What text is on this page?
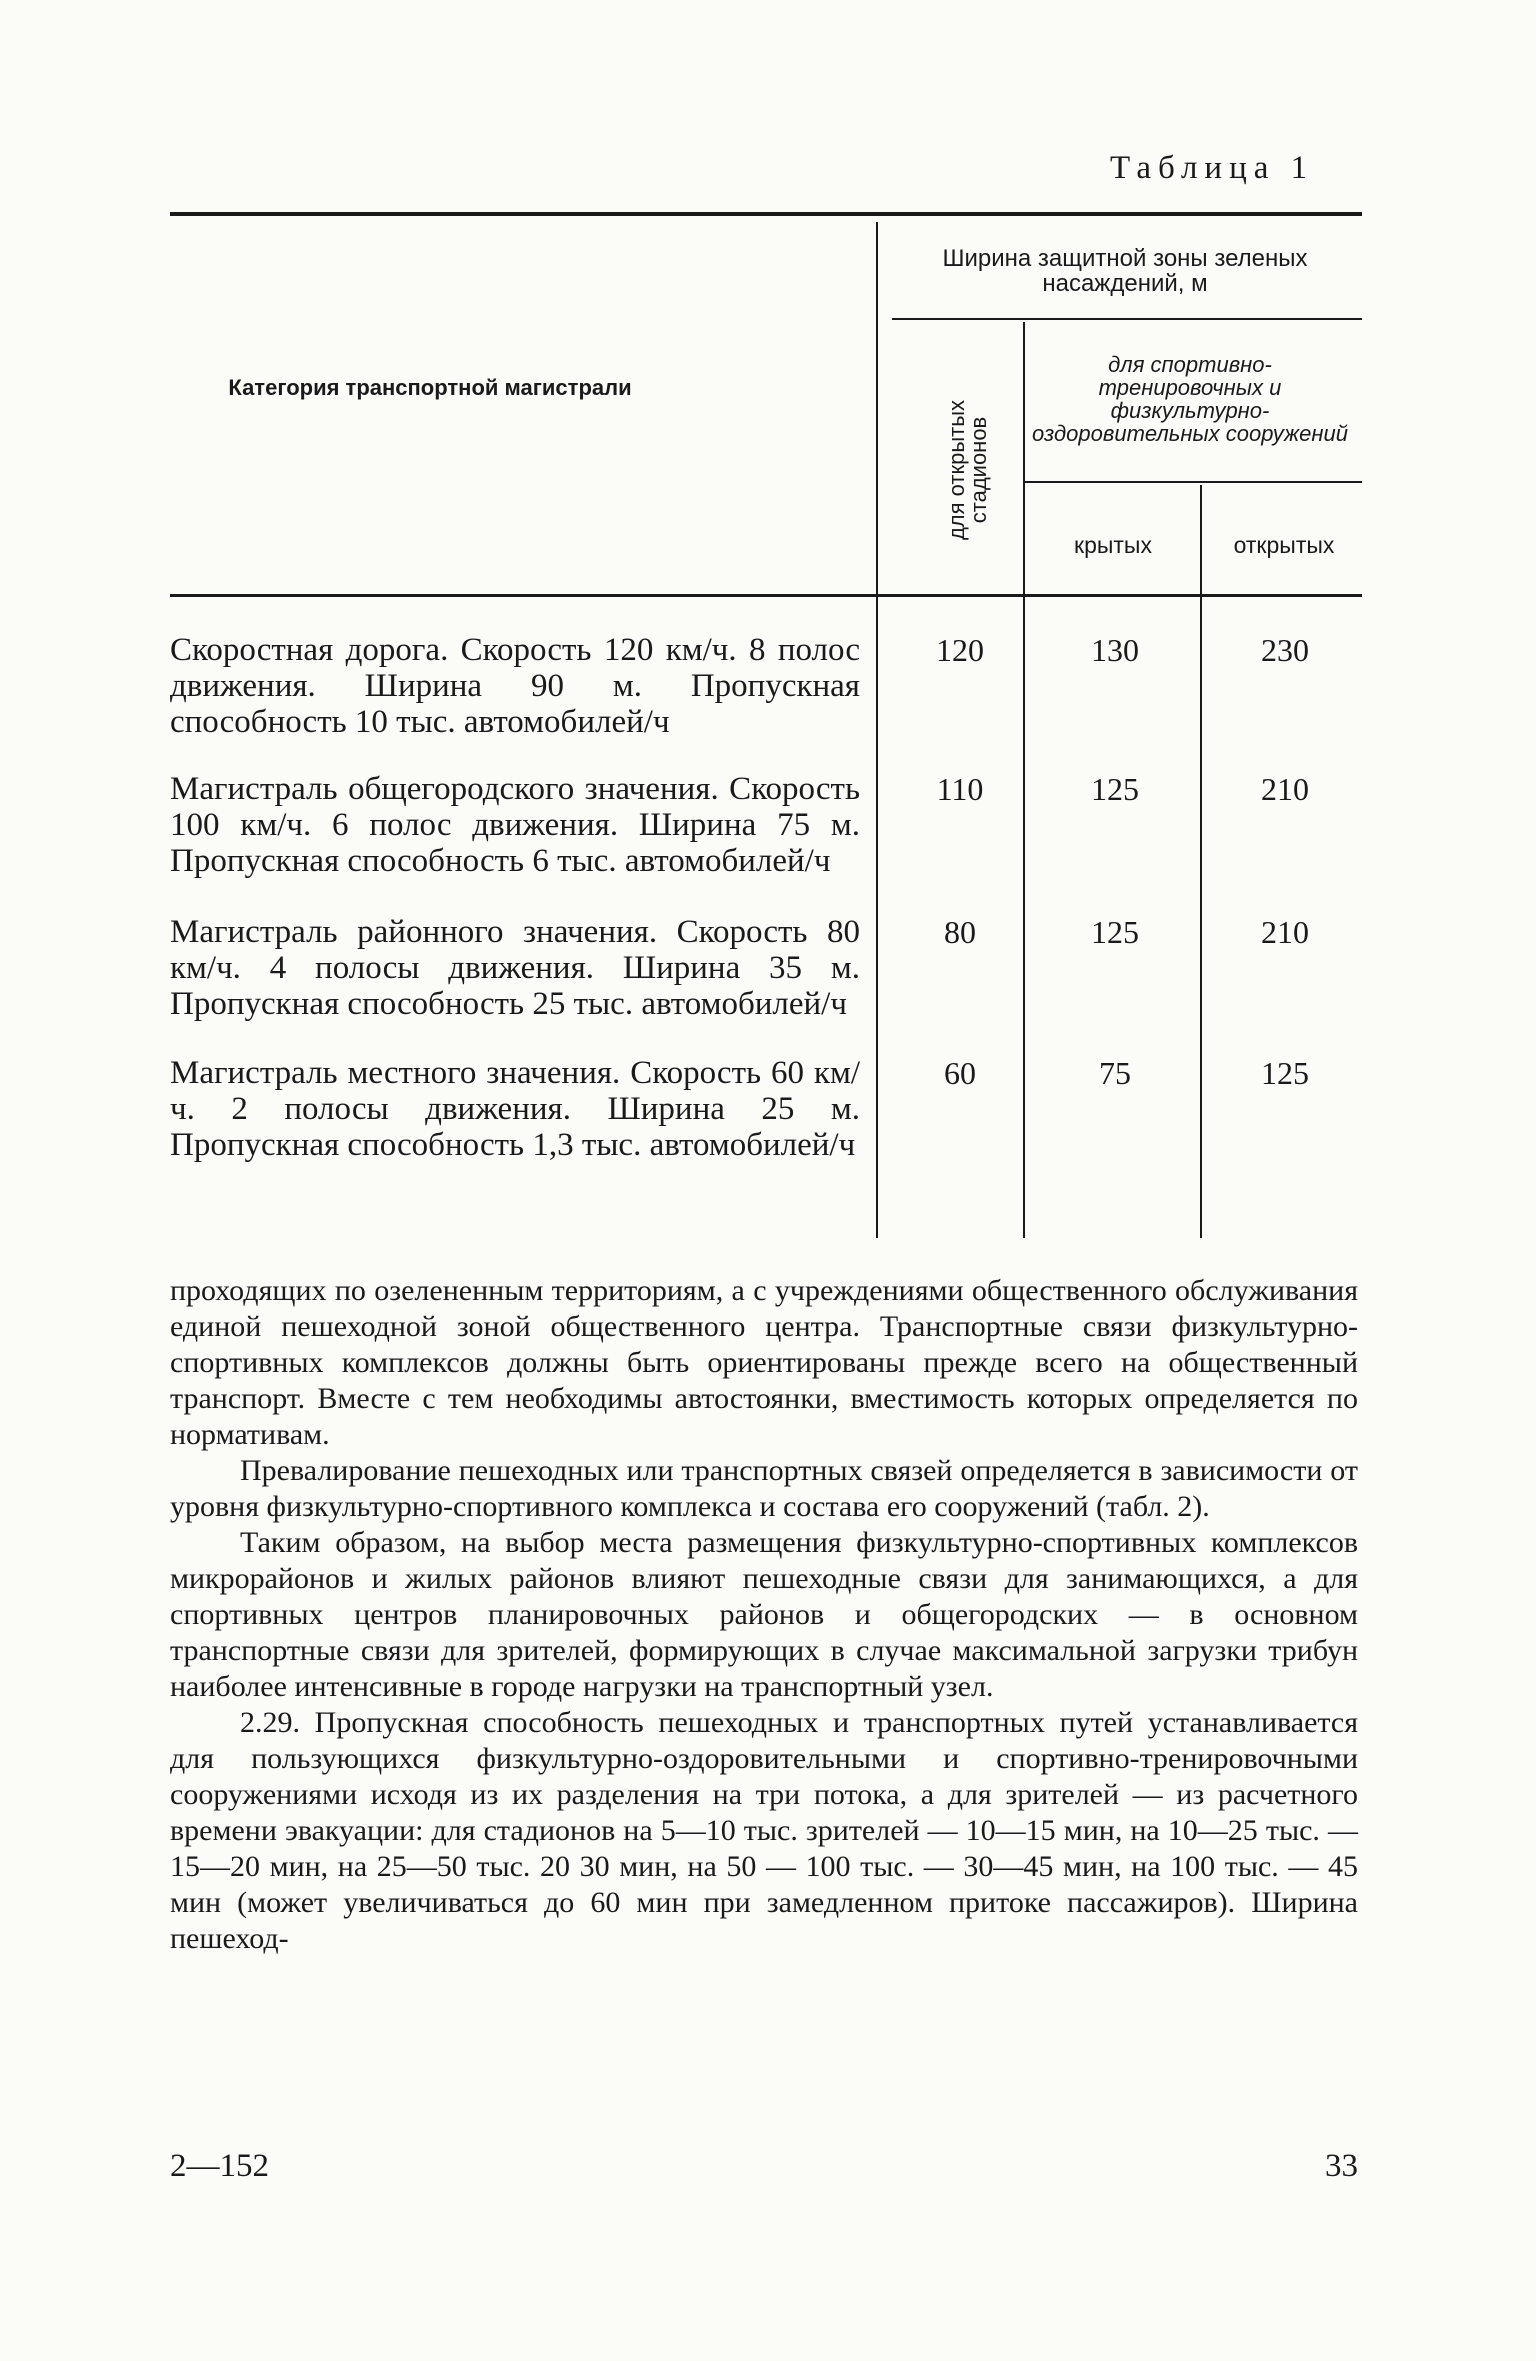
Таблица 1
Категория транспортной магистрали
Ширина защитной зоны зеленых насаждений, м
для открытых стадионов
для спортивно-тренировочных и физкультурно-оздоровительных сооружений
крытых	открытых
Скоростная дорога. Скорость 120 км/ч. 8 полос движения. Ширина 90 м. Пропускная способность 10 тыс. автомобилей/ч
120	130	230
Магистраль общегородского значения. Скорость 100 км/ч. 6 полос движения. Ширина 75 м. Пропускная способность 6 тыс. автомобилей/ч
110	125	210
Магистраль районного значения. Скорость 80 км/ч. 4 полосы движения. Ширина 35 м. Пропускная способность 25 тыс. автомобилей/ч
80	125	210
Магистраль местного значения. Скорость 60 км/ч. 2 полосы движения. Ширина 25 м. Пропускная способность 1,3 тыс. автомобилей/ч
60	75	125

проходящих по озелененным территориям, а с учреждениями общественного обслуживания единой пешеходной зоной общественного центра. Транспортные связи физкультурно-спортивных комплексов должны быть ориентированы прежде всего на общественный транспорт. Вместе с тем необходимы автостоянки, вместимость которых определяется по нормативам.

Превалирование пешеходных или транспортных связей определяется в зависимости от уровня физкультурно-спортивного комплекса и состава его сооружений (табл. 2).

Таким образом, на выбор места размещения физкультурно-спортивных комплексов микрорайонов и жилых районов влияют пешеходные связи для занимающихся, а для спортивных центров планировочных районов и общегородских — в основном транспортные связи для зрителей, формирующих в случае максимальной загрузки трибун наиболее интенсивные в городе нагрузки на транспортный узел.

2.29. Пропускная способность пешеходных и транспортных путей устанавливается для пользующихся физкультурно-оздоровительными и спортивно-тренировочными сооружениями исходя из их разделения на три потока, а для зрителей — из расчетного времени эвакуации: для стадионов на 5—10 тыс. зрителей — 10—15 мин, на 10—25 тыс. — 15—20 мин, на 25—50 тыс. 20 30 мин, на 50 — 100 тыс. — 30—45 мин, на 100 тыс. — 45 мин (может увеличиваться до 60 мин при замедленном притоке пассажиров). Ширина пешеход-

2—152	33
